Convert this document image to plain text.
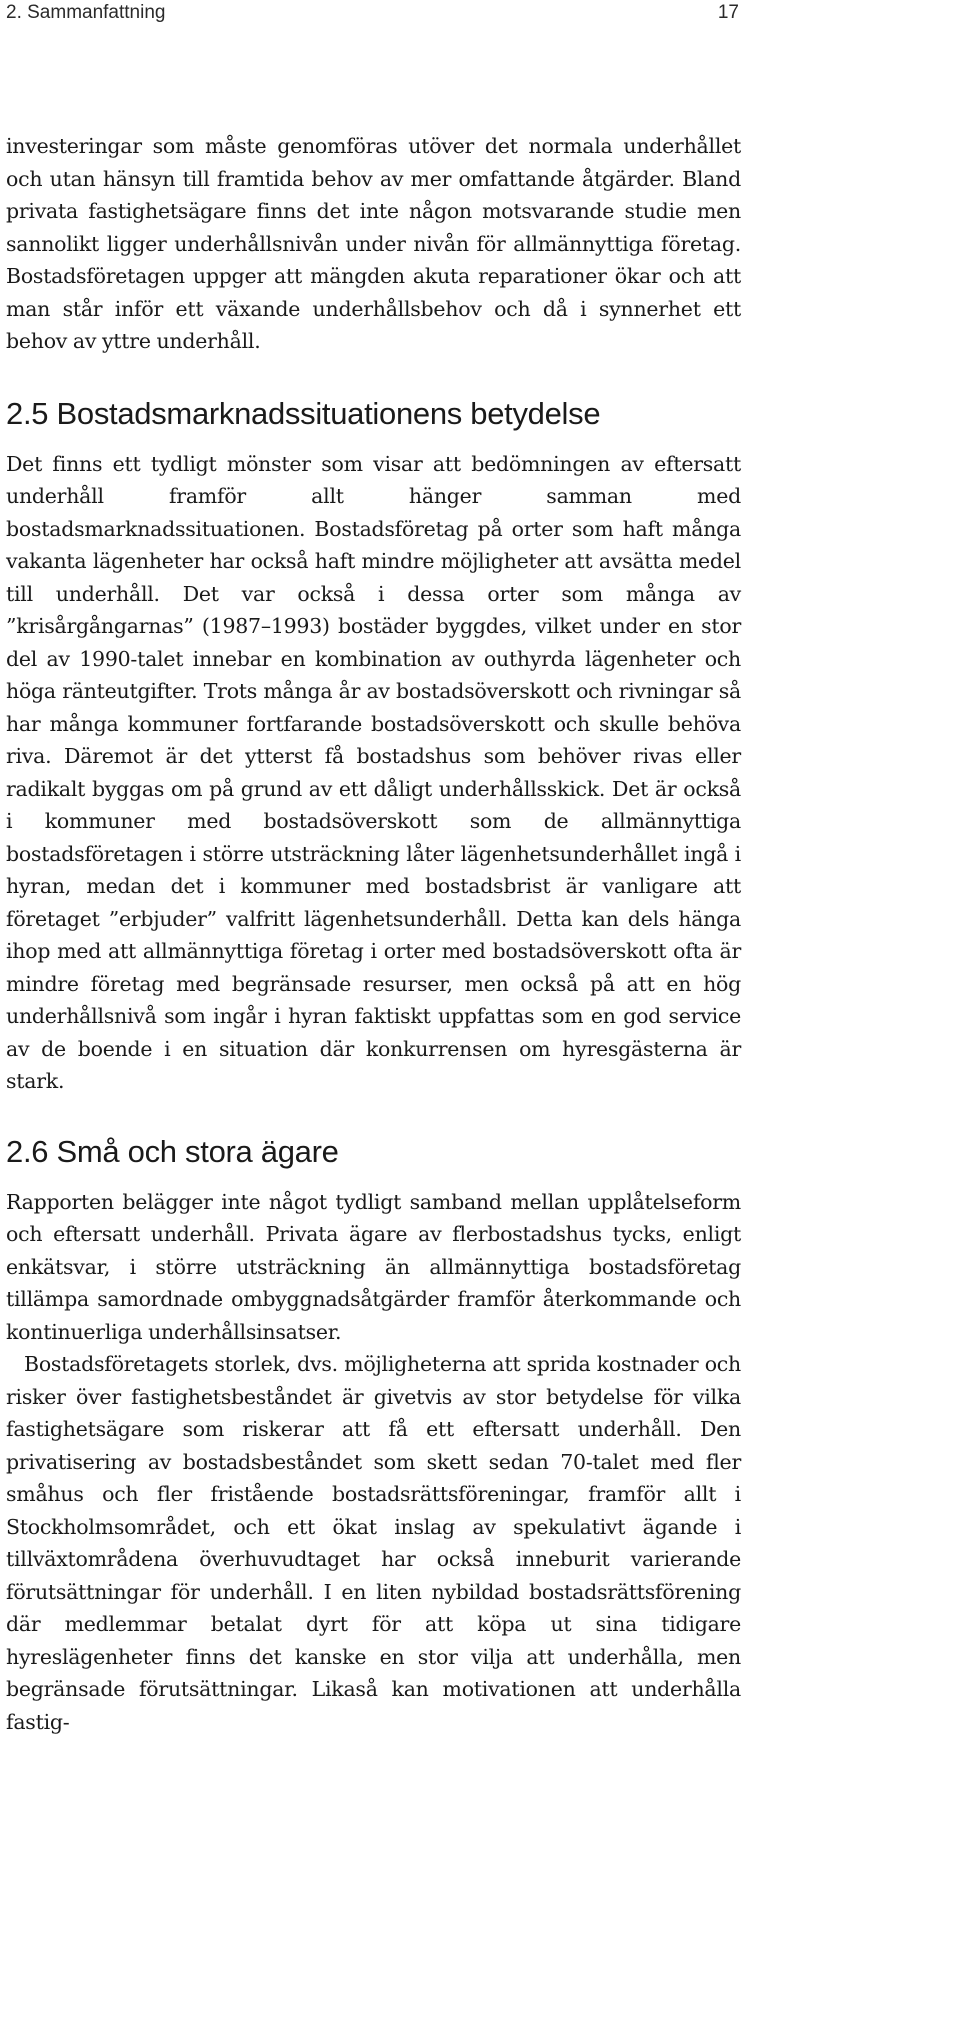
2. Sammanfattning	17

investeringar som måste genomföras utöver det normala underhållet och utan hänsyn till framtida behov av mer omfattande åtgärder. Bland privata fastighetsägare finns det inte någon motsvarande studie men sannolikt ligger underhållsnivån under nivån för allmännyttiga företag. Bostadsföretagen uppger att mängden akuta reparationer ökar och att man står inför ett växande underhållsbehov och då i synnerhet ett behov av yttre underhåll.

2.5 Bostadsmarknadssituationens betydelse

Det finns ett tydligt mönster som visar att bedömningen av eftersatt underhåll framför allt hänger samman med bostadsmarknadssituationen. Bostadsföretag på orter som haft många vakanta lägenheter har också haft mindre möjligheter att avsätta medel till underhåll. Det var också i dessa orter som många av ”krisårgångarnas” (1987–1993) bostäder byggdes, vilket under en stor del av 1990-talet innebar en kombination av outhyrda lägenheter och höga ränteutgifter. Trots många år av bostadsöverskott och rivningar så har många kommuner fortfarande bostadsöverskott och skulle behöva riva. Däremot är det ytterst få bostadshus som behöver rivas eller radikalt byggas om på grund av ett dåligt underhållsskick. Det är också i kommuner med bostadsöverskott som de allmännyttiga bostadsföretagen i större utsträckning låter lägenhetsunderhållet ingå i hyran, medan det i kommuner med bostadsbrist är vanligare att företaget ”erbjuder” valfritt lägenhetsunderhåll. Detta kan dels hänga ihop med att allmännyttiga företag i orter med bostadsöverskott ofta är mindre företag med begränsade resurser, men också på att en hög underhållsnivå som ingår i hyran faktiskt uppfattas som en god service av de boende i en situation där konkurrensen om hyresgästerna är stark.

2.6 Små och stora ägare

Rapporten belägger inte något tydligt samband mellan upplåtelseform och eftersatt underhåll. Privata ägare av flerbostadshus tycks, enligt enkätsvar, i större utsträckning än allmännyttiga bostadsföretag tillämpa samordnade ombyggnadsåtgärder framför återkommande och kontinuerliga underhållsinsatser.

Bostadsföretagets storlek, dvs. möjligheterna att sprida kostnader och risker över fastighetsbeståndet är givetvis av stor betydelse för vilka fastighetsägare som riskerar att få ett eftersatt underhåll. Den privatisering av bostadsbeståndet som skett sedan 70-talet med fler småhus och fler fristående bostadsrättsföreningar, framför allt i Stockholmsområdet, och ett ökat inslag av spekulativt ägande i tillväxtområdena överhuvudtaget har också inneburit varierande förutsättningar för underhåll. I en liten nybildad bostadsrättsförening där medlemmar betalat dyrt för att köpa ut sina tidigare hyreslägenheter finns det kanske en stor vilja att underhålla, men begränsade förutsättningar. Likaså kan motivationen att underhålla fastig-
